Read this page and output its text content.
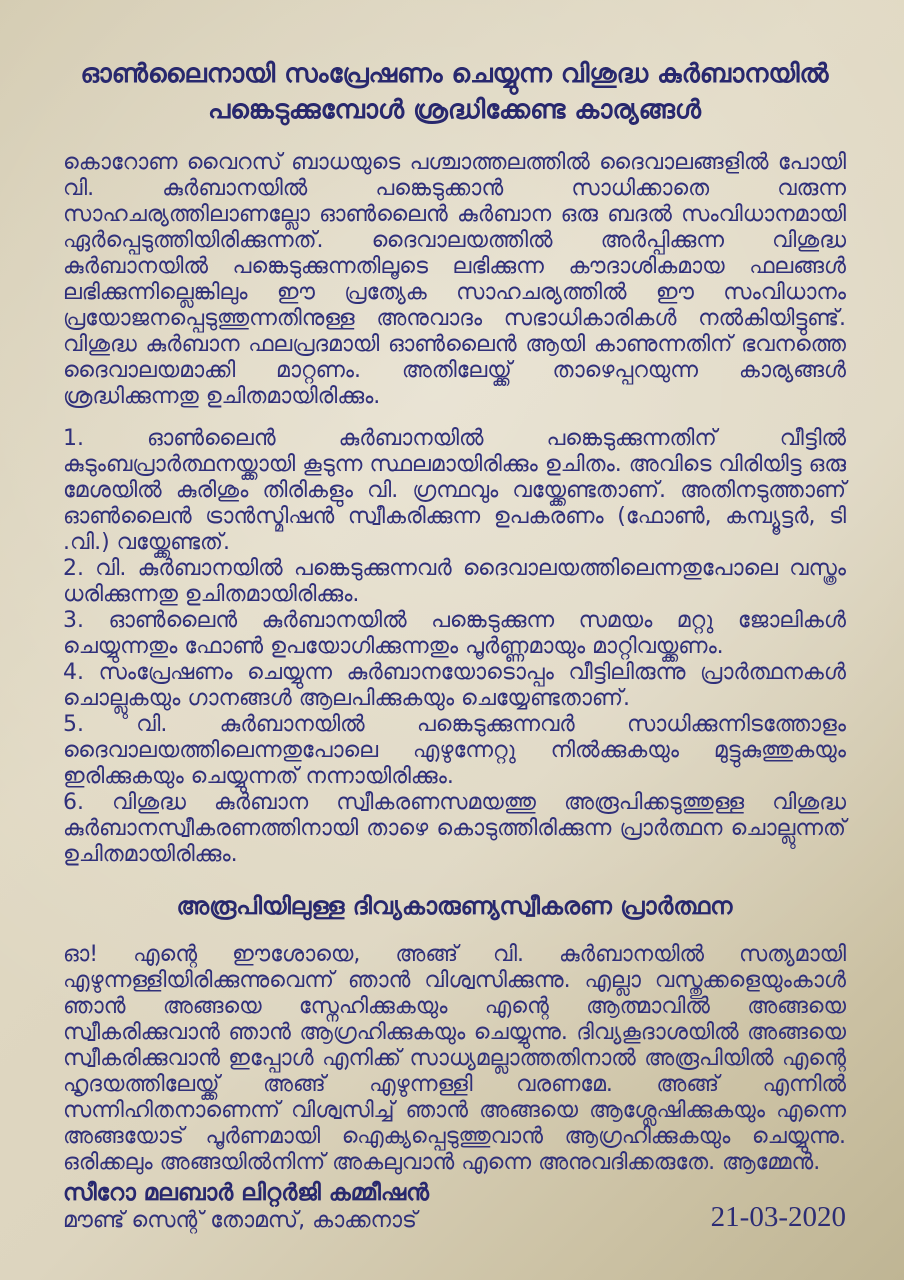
ഓൺലൈനായി സംപ്രേഷണം ചെയ്യുന്ന വിശുദ്ധ കുർബാനയിൽ
പങ്കെടുക്കുമ്പോൾ ശ്രദ്ധിക്കേണ്ട കാര്യങ്ങൾ

കൊറോണ വൈറസ് ബാധയുടെ പശ്ചാത്തലത്തിൽ ദൈവാലങ്ങളിൽ പോയി വി. കുർബാനയിൽ പങ്കെടുക്കാൻ സാധിക്കാതെ വരുന്ന സാഹചര്യത്തിലാണല്ലോ ഓൺലൈൻ കുർബാന ഒരു ബദൽ സംവിധാനമായി ഏർപ്പെടുത്തിയിരിക്കുന്നത്. ദൈവാലയത്തിൽ അർപ്പിക്കുന്ന വിശുദ്ധ കുർബാനയിൽ പങ്കെടുക്കുന്നതിലൂടെ ലഭിക്കുന്ന കൗദാശികമായ ഫലങ്ങൾ ലഭിക്കുന്നില്ലെങ്കിലും ഈ പ്രത്യേക സാഹചര്യത്തിൽ ഈ സംവിധാനം പ്രയോജനപ്പെടുത്തുന്നതിനുള്ള അനുവാദം സഭാധികാരികൾ നൽകിയിട്ടുണ്ട്. വിശുദ്ധ കുർബാന ഫലപ്രദമായി ഓൺലൈൻ ആയി കാണുന്നതിന് ഭവനത്തെ ദൈവാലയമാക്കി മാറ്റണം. അതിലേയ്ക്ക് താഴെപ്പറയുന്ന കാര്യങ്ങൾ ശ്രദ്ധിക്കുന്നതു ഉചിതമായിരിക്കും.

1. ഓൺലൈൻ കുർബാനയിൽ പങ്കെടുക്കുന്നതിന് വീട്ടിൽ കുടുംബപ്രാർത്ഥനയ്ക്കായി കൂടുന്ന സ്ഥലമായിരിക്കും ഉചിതം. അവിടെ വിരിയിട്ട ഒരു മേശയിൽ കുരിശും തിരികളും വി. ഗ്രന്ഥവും വയ്ക്കേണ്ടതാണ്. അതിനടുത്താണ് ഓൺലൈൻ ട്രാൻസ്മിഷൻ സ്വീകരിക്കുന്ന ഉപകരണം (ഫോൺ, കമ്പ്യൂട്ടർ, ടി .വി.) വയ്ക്കേണ്ടത്.

2. വി. കുർബാനയിൽ പങ്കെടുക്കുന്നവർ ദൈവാലയത്തിലെന്നതുപോലെ വസ്ത്രം ധരിക്കുന്നതു ഉചിതമായിരിക്കും.

3. ഓൺലൈൻ കുർബാനയിൽ പങ്കെടുക്കുന്ന സമയം മറ്റു ജോലികൾ ചെയ്യുന്നതും ഫോൺ ഉപയോഗിക്കുന്നതും പൂർണ്ണമായും മാറ്റിവയ്ക്കണം.

4. സംപ്രേഷണം ചെയ്യുന്ന കുർബാനയോടൊപ്പം വീട്ടിലിരുന്നു പ്രാർത്ഥനകൾ ചൊല്ലുകയും ഗാനങ്ങൾ ആലപിക്കുകയും ചെയ്യേണ്ടതാണ്.

5. വി. കുർബാനയിൽ പങ്കെടുക്കുന്നവർ സാധിക്കുന്നിടത്തോളം ദൈവാലയത്തിലെന്നതുപോലെ എഴുന്നേറ്റു നിൽക്കുകയും മുട്ടുകുത്തുകയും ഇരിക്കുകയും ചെയ്യുന്നത് നന്നായിരിക്കും.

6. വിശുദ്ധ കുർബാന സ്വീകരണസമയത്തു അരൂപിക്കടുത്തുള്ള വിശുദ്ധ കുർബാനസ്വീകരണത്തിനായി താഴെ കൊടുത്തിരിക്കുന്ന പ്രാർത്ഥന ചൊല്ലുന്നത് ഉചിതമായിരിക്കും.

അരൂപിയിലുള്ള ദിവ്യകാരുണ്യസ്വീകരണ പ്രാർത്ഥന

ഓ! എന്റെ ഈശോയെ, അങ്ങ് വി. കുർബാനയിൽ സത്യമായി എഴുന്നള്ളിയിരിക്കുന്നുവെന്ന് ഞാൻ വിശ്വസിക്കുന്നു. എല്ലാ വസ്തുക്കളെയുംകാൾ ഞാൻ അങ്ങയെ സ്നേഹിക്കുകയും എന്റെ ആത്മാവിൽ അങ്ങയെ സ്വീകരിക്കുവാൻ ഞാൻ ആഗ്രഹിക്കുകയും ചെയ്യുന്നു. ദിവ്യകൂദാശയിൽ അങ്ങയെ സ്വീകരിക്കുവാൻ ഇപ്പോൾ എനിക്ക് സാധ്യമല്ലാത്തതിനാൽ അരൂപിയിൽ എന്റെ ഹൃദയത്തിലേയ്ക്ക് അങ്ങ് എഴുന്നള്ളി വരണമേ. അങ്ങ് എന്നിൽ സന്നിഹിതനാണെന്ന് വിശ്വസിച്ച് ഞാൻ അങ്ങയെ ആശ്ലേഷിക്കുകയും എന്നെ അങ്ങയോട് പൂർണമായി ഐക്യപ്പെടുത്തുവാൻ ആഗ്രഹിക്കുകയും ചെയ്യുന്നു. ഒരിക്കലും അങ്ങയിൽനിന്ന് അകലുവാൻ എന്നെ അനുവദിക്കരുതേ. ആമ്മേൻ.

സീറോ മലബാർ ലിറ്റർജി കമ്മീഷൻ
മൗണ്ട് സെന്റ് തോമസ്, കാക്കനാട്	21-03-2020
